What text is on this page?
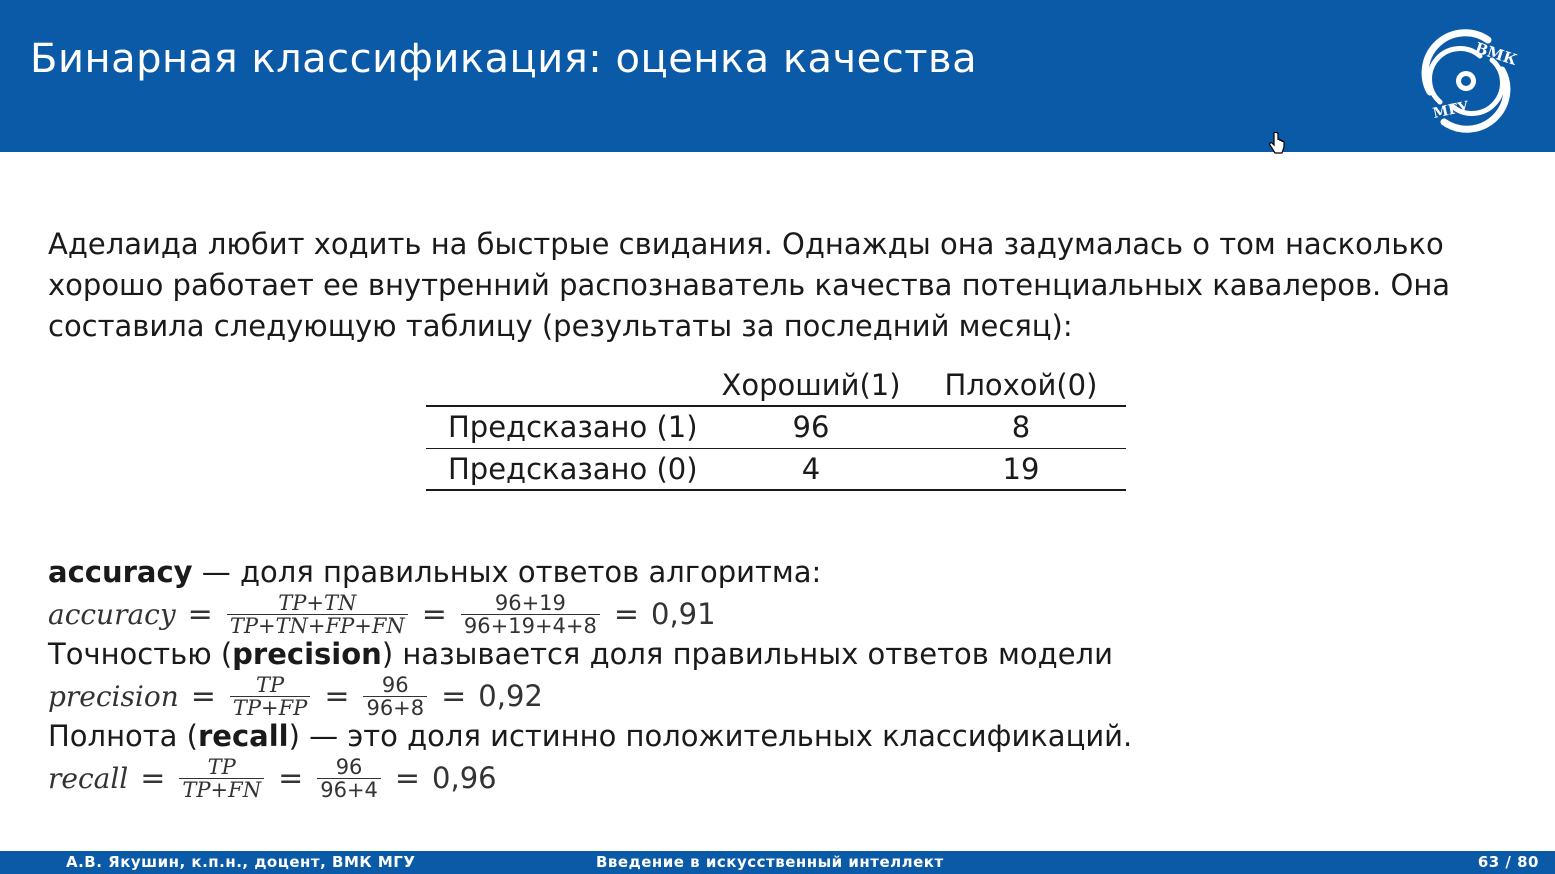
Бинарная классификация: оценка качества	ВМК
МГУ

Аделаида любит ходить на быстрые свидания. Однажды она задумалась о том насколько

хорошо работает ее внутренний распознаватель качества потенциальных кавалеров. Она

составила следующую таблицу (результаты за последний месяц):

	Хороший(1)	Плохой(0)
Предсказано (1)	96	8
Предсказано (0)	4	19
accuracy — доля правильных ответов алгоритма:
accuracy = $\frac{TP+TN}{TP+TN+FP+FN} = \frac{96+19}{96+19+4+8} = 0,91$
Точностью (precision) называется доля правильных ответов модели
precision = $\frac{TP}{TP+FP} = \frac{96}{96+8} = 0,92$
Полнота (recall) — это доля истинно положительных классификаций.
recall = $\frac{TP}{TP+FN} = \frac{96}{96+4} = 0,96$
А.В. Якушин, к.п.н., доцент, ВМК МГУ	Введение в искусственный интеллект	63 / 80
